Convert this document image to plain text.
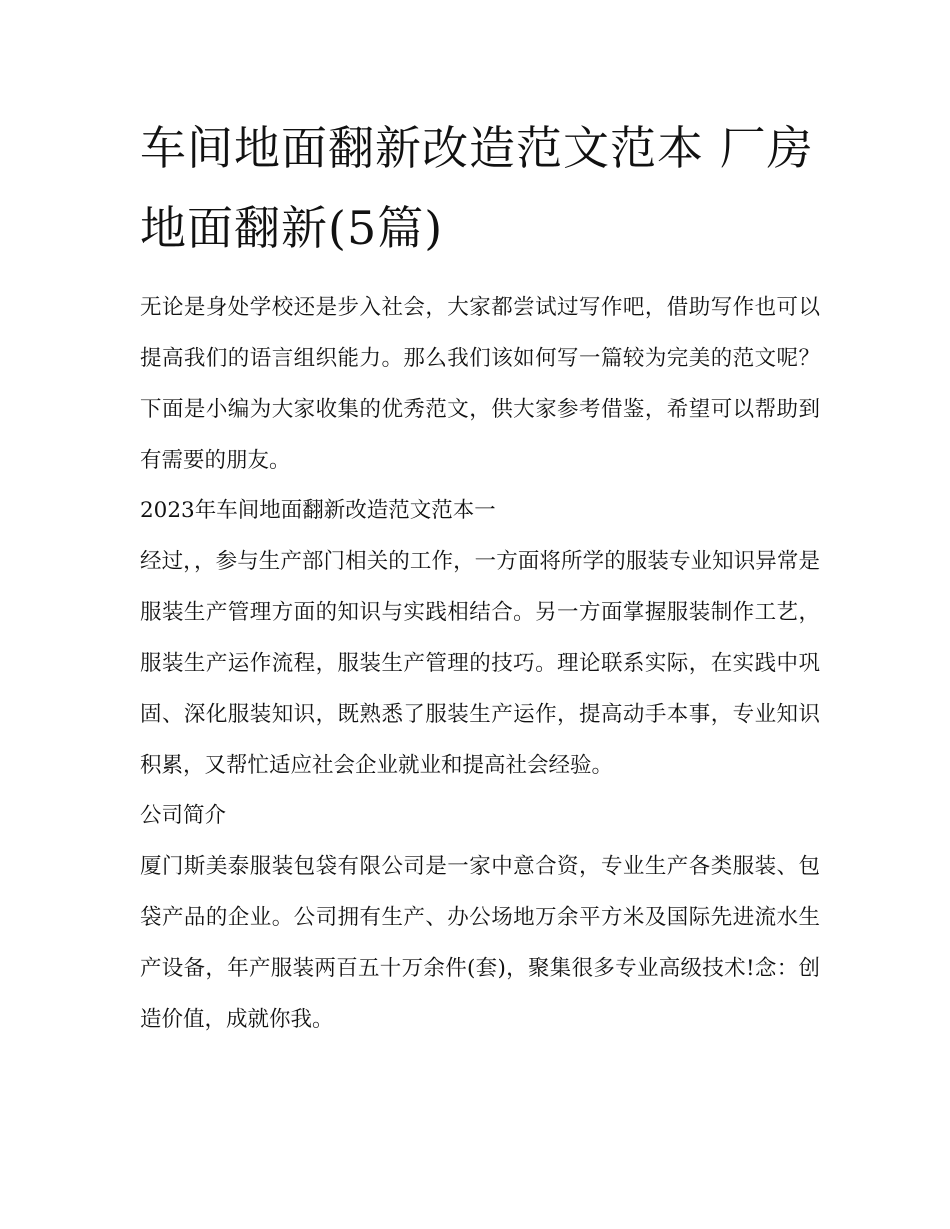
车间地面翻新改造范文范本 厂房地面翻新(5篇)

无论是身处学校还是步入社会，大家都尝试过写作吧，借助写作也可以提高我们的语言组织能力。那么我们该如何写一篇较为完美的范文呢？下面是小编为大家收集的优秀范文，供大家参考借鉴，希望可以帮助到有需要的朋友。

2023年车间地面翻新改造范文范本一

经过，，参与生产部门相关的工作，一方面将所学的服装专业知识异常是服装生产管理方面的知识与实践相结合。另一方面掌握服装制作工艺，服装生产运作流程，服装生产管理的技巧。理论联系实际，在实践中巩固、深化服装知识，既熟悉了服装生产运作，提高动手本事，专业知识积累，又帮忙适应社会企业就业和提高社会经验。

公司简介

厦门斯美泰服装包袋有限公司是一家中意合资，专业生产各类服装、包袋产品的企业。公司拥有生产、办公场地万余平方米及国际先进流水生产设备，年产服装两百五十万余件(套)，聚集很多专业高级技术!念：创造价值，成就你我。
